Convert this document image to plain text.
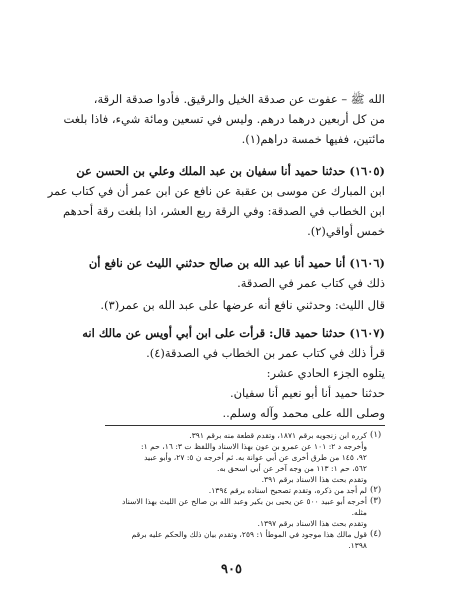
الله ﷺ – عفوت عن صدقة الخيل والرقيق. فأدوا صدقة الرقة،
من كل أربعين درهما درهم. وليس في تسعين ومائة شيء، فاذا بلغت
مائتين، ففيها خمسة دراهم(١).
(١٦٠٥) حدثنا حميد أنا سفيان بن عبد الملك وعلي بن الحسن عن
ابن المبارك عن موسى بن عقبة عن نافع عن ابن عمر أن في كتاب عمر
ابن الخطاب في الصدقة: وفي الرقة ربع العشر، اذا بلغت رقة أحدهم
خمس أواقي(٢).
(١٦٠٦) أنا حميد أنا عبد الله بن صالح حدثني الليث عن نافع أن
ذلك في كتاب عمر في الصدقة.
قال الليث: وحدثني نافع أنه عرضها على عبد الله بن عمر(٣).
(١٦٠٧) حدثنا حميد قال: قرأت على ابن أبي أويس عن مالك انه
قرأ ذلك في كتاب عمر بن الخطاب في الصدقة(٤).
يتلوه الجزء الحادي عشر:
حدثنا حميد أنا أبو نعيم أنا سفيان.
وصلى الله على محمد وآله وسلم..
(١)
كرره ابن زنجويه برقم ١٨٧١، وتقدم قطعة منه برقم ٣٩١.
وأخرجه د ٢: ١٠١ عن عمرو بن عون بهذا الاسناد واللفظ ت ٣: ١٦، حم ١:
٩٢، ١٤٥ من طرق أخرى عن أبي عوانة به. ثم أخرجه ن ٥: ٢٧، وأبو عبيد
٥٦٢، حم ١: ١١٣ من وجه آخر عن أبي اسحق به.
وتقدم بحث هذا الاسناد برقم ٣٩١.
(٢)
لم أجد من ذكره، وتقدم تصحيح اسناده برقم ١٣٩٤.
(٣)
أخرجه أبو عبيد ٥٠٠ عن يحيى بن بكير وعبد الله بن صالح عن الليث بهذا الاسناد
مثله.
وتقدم بحث هذا الاسناد برقم ١٣٩٧.
(٤)
قول مالك هذا موجود في الموطأ ١: ٢٥٩، وتقدم بيان ذلك والحكم عليه برقم
١٣٩٨.
٩٠٥
